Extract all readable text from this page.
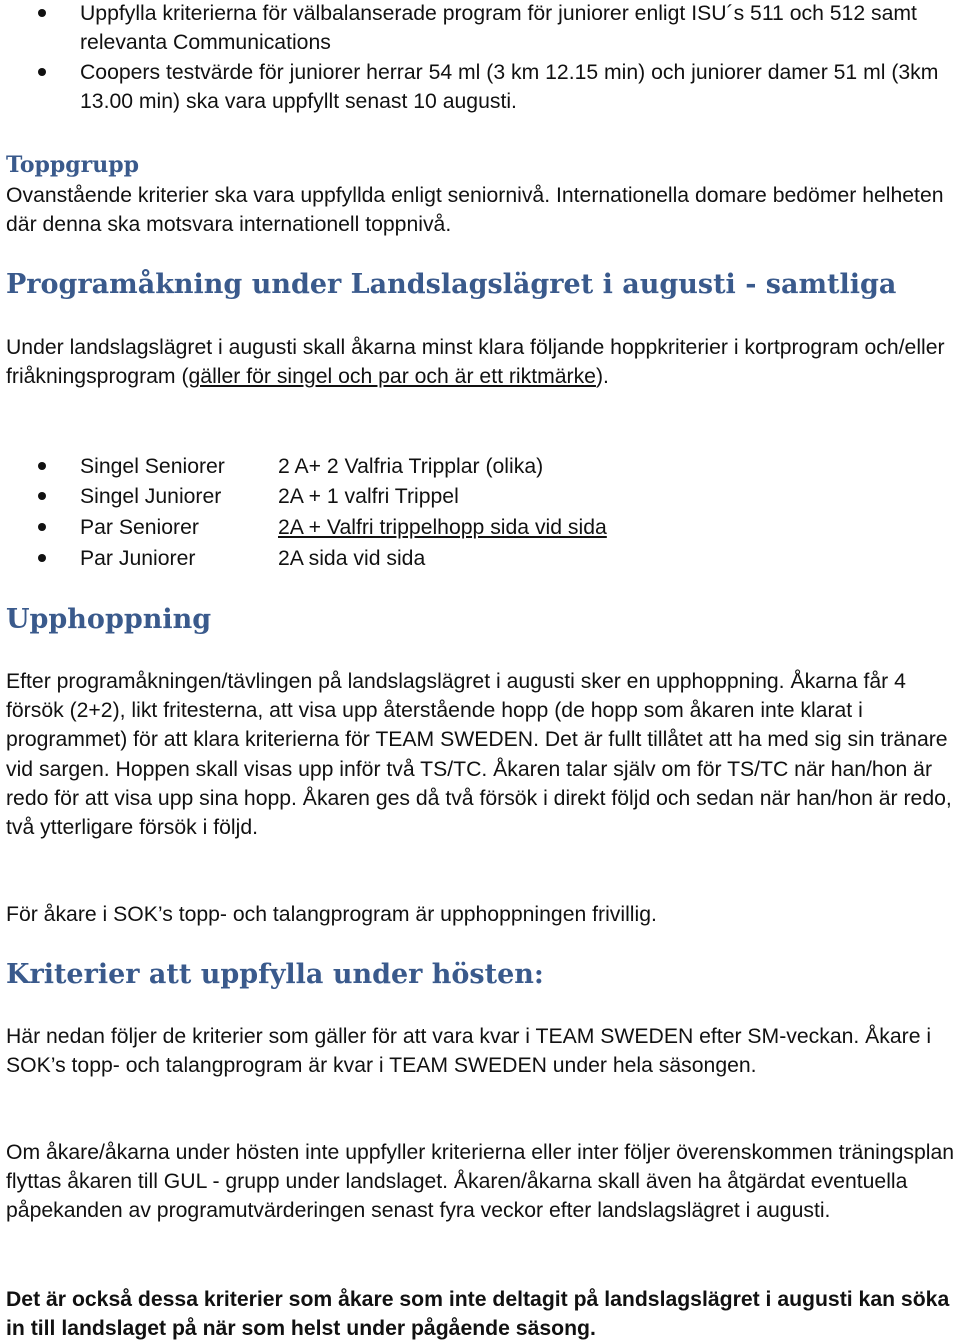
Uppfylla kriterierna för välbalanserade program för juniorer enligt ISU´s 511 och 512 samt relevanta Communications

Coopers testvärde för juniorer herrar 54 ml (3 km 12.15 min) och juniorer damer 51 ml (3km 13.00 min) ska vara uppfyllt senast 10 augusti.

Toppgrupp

Ovanstående kriterier ska vara uppfyllda enligt seniornivå. Internationella domare bedömer helheten där denna ska motsvara internationell toppnivå.

Programåkning under Landslagslägret i augusti - samtliga

Under landslagslägret i augusti skall åkarna minst klara följande hoppkriterier i kortprogram och/eller friåkningsprogram (gäller för singel och par och är ett riktmärke).

Singel Seniorer	2 A+ 2 Valfria Tripplar (olika)
Singel Juniorer	2A + 1 valfri Trippel
Par Seniorer	2A + Valfri trippelhopp sida vid sida
Par Juniorer	2A sida vid sida
Upphoppning

Efter programåkningen/tävlingen på landslagslägret i augusti sker en upphoppning. Åkarna får 4 försök (2+2), likt fritesterna, att visa upp återstående hopp (de hopp som åkaren inte klarat i programmet) för att klara kriterierna för TEAM SWEDEN. Det är fullt tillåtet att ha med sig sin tränare vid sargen. Hoppen skall visas upp inför två TS/TC. Åkaren talar själv om för TS/TC när han/hon är redo för att visa upp sina hopp. Åkaren ges då två försök i direkt följd och sedan när han/hon är redo, två ytterligare försök i följd.

För åkare i SOK’s topp- och talangprogram är upphoppningen frivillig.

Kriterier att uppfylla under hösten:

Här nedan följer de kriterier som gäller för att vara kvar i TEAM SWEDEN efter SM-veckan. Åkare i SOK’s topp- och talangprogram är kvar i TEAM SWEDEN under hela säsongen.

Om åkare/åkarna under hösten inte uppfyller kriterierna eller inter följer överenskommen träningsplan flyttas åkaren till GUL - grupp under landslaget. Åkaren/åkarna skall även ha åtgärdat eventuella påpekanden av programutvärderingen senast fyra veckor efter landslagslägret i augusti.

Det är också dessa kriterier som åkare som inte deltagit på landslagslägret i augusti kan söka in till landslaget på när som helst under pågående säsong.
